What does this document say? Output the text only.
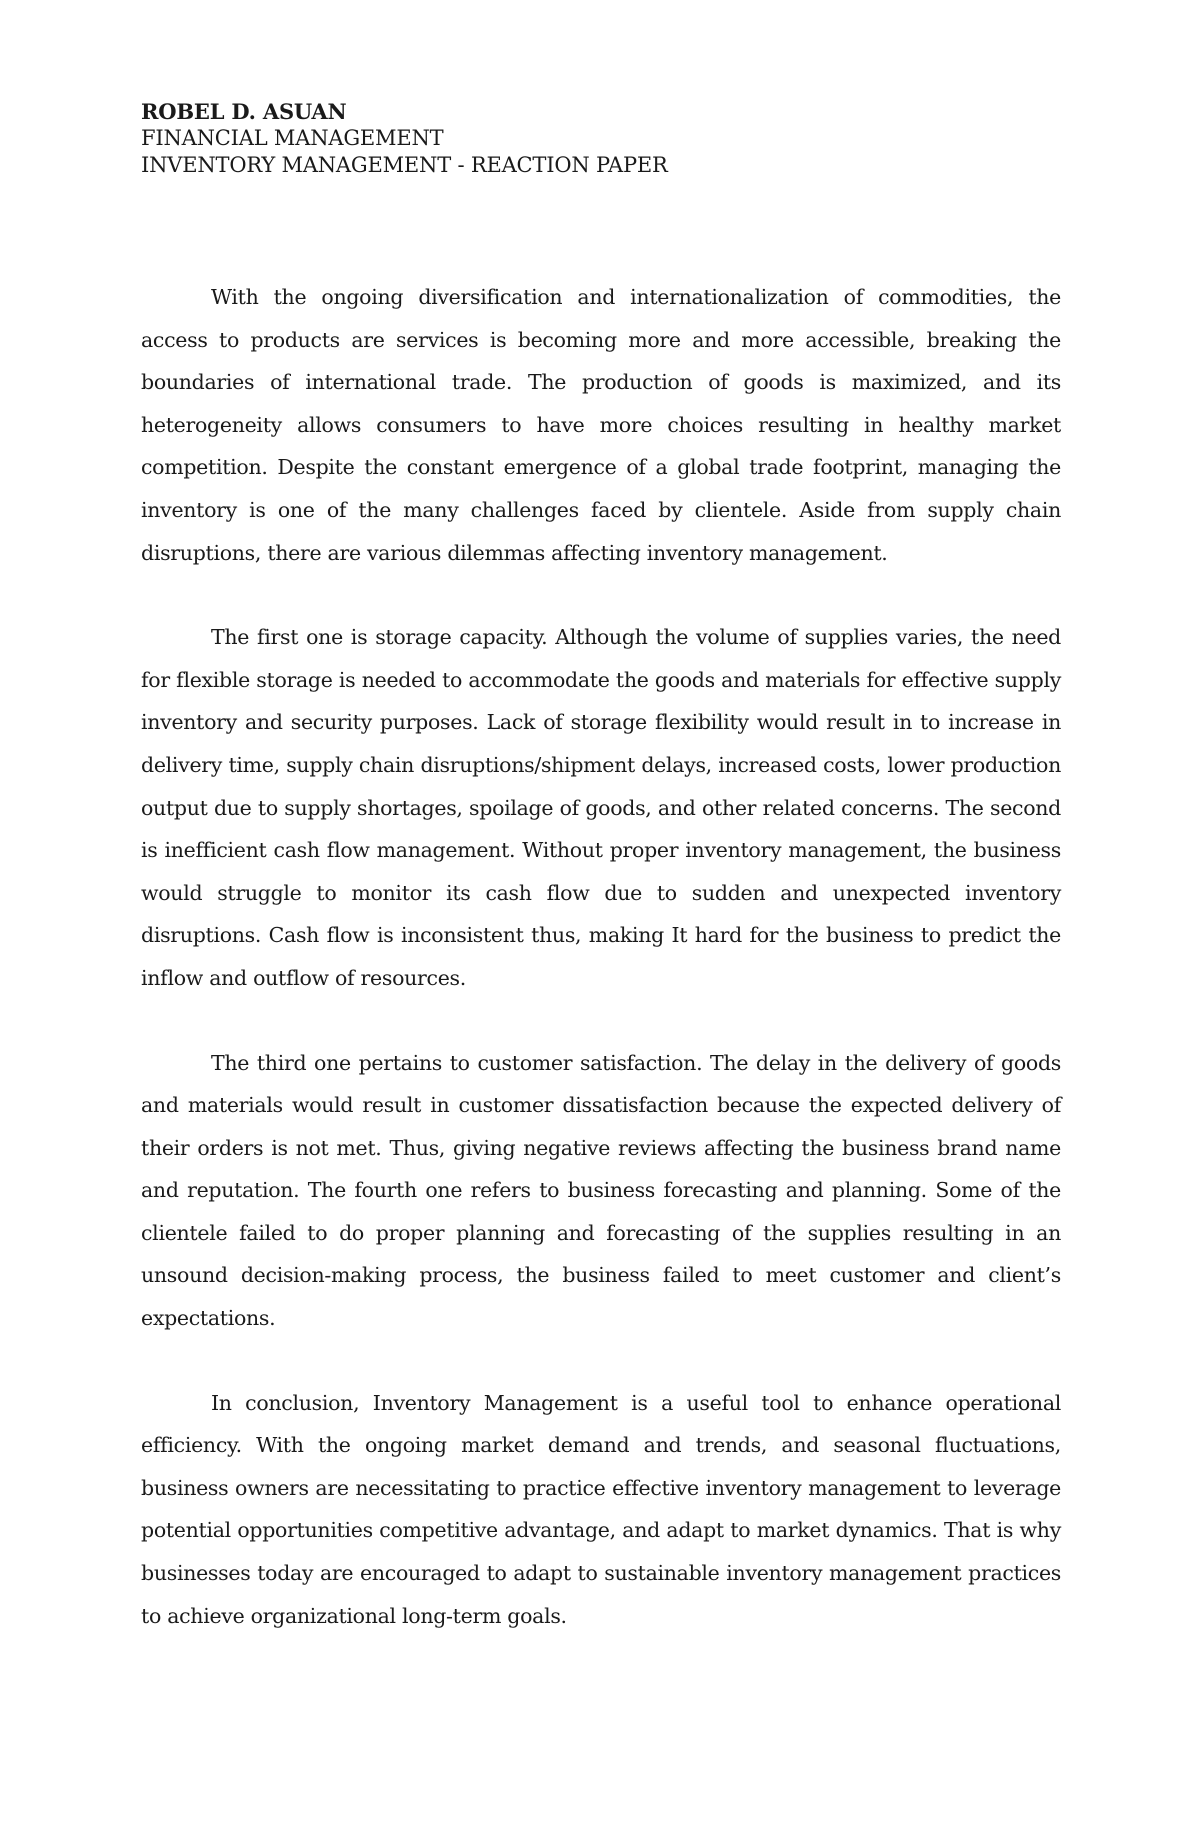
ROBEL D. ASUAN
FINANCIAL MANAGEMENT
INVENTORY MANAGEMENT - REACTION PAPER

With the ongoing diversification and internationalization of commodities, the access to products are services is becoming more and more accessible, breaking the boundaries of international trade. The production of goods is maximized, and its heterogeneity allows consumers to have more choices resulting in healthy market competition. Despite the constant emergence of a global trade footprint, managing the inventory is one of the many challenges faced by clientele. Aside from supply chain disruptions, there are various dilemmas affecting inventory management.

The first one is storage capacity. Although the volume of supplies varies, the need for flexible storage is needed to accommodate the goods and materials for effective supply inventory and security purposes. Lack of storage flexibility would result in to increase in delivery time, supply chain disruptions/shipment delays, increased costs, lower production output due to supply shortages, spoilage of goods, and other related concerns. The second is inefficient cash flow management. Without proper inventory management, the business would struggle to monitor its cash flow due to sudden and unexpected inventory disruptions. Cash flow is inconsistent thus, making It hard for the business to predict the inflow and outflow of resources.

The third one pertains to customer satisfaction. The delay in the delivery of goods and materials would result in customer dissatisfaction because the expected delivery of their orders is not met. Thus, giving negative reviews affecting the business brand name and reputation. The fourth one refers to business forecasting and planning. Some of the clientele failed to do proper planning and forecasting of the supplies resulting in an unsound decision-making process, the business failed to meet customer and client’s expectations.

In conclusion, Inventory Management is a useful tool to enhance operational efficiency. With the ongoing market demand and trends, and seasonal fluctuations, business owners are necessitating to practice effective inventory management to leverage potential opportunities competitive advantage, and adapt to market dynamics. That is why businesses today are encouraged to adapt to sustainable inventory management practices to achieve organizational long-term goals.
